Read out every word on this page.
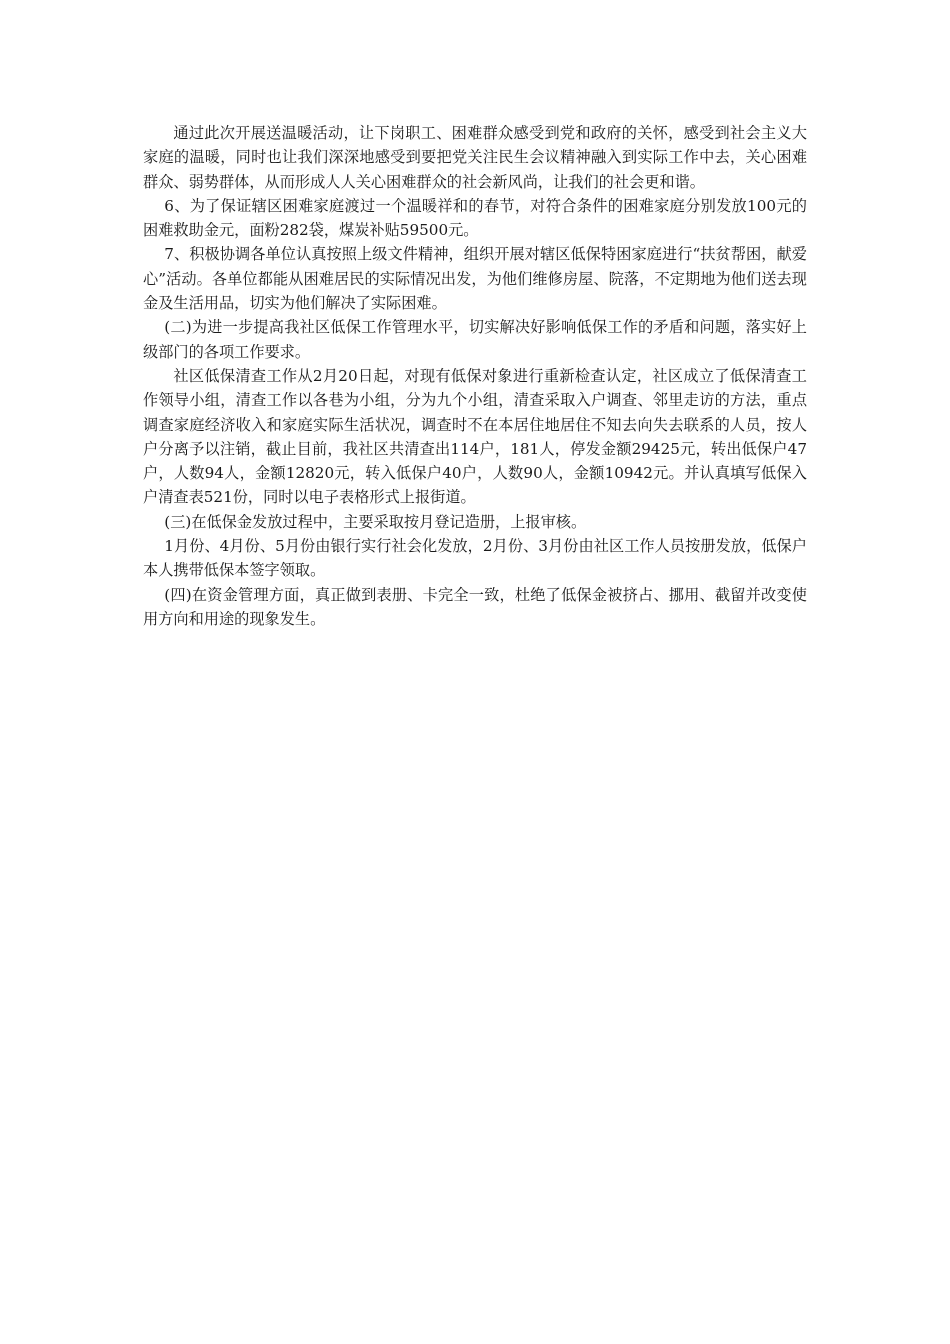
通过此次开展送温暖活动，让下岗职工、困难群众感受到党和政府的关怀，感受到社会主义大家庭的温暖，同时也让我们深深地感受到要把党关注民生会议精神融入到实际工作中去，关心困难群众、弱势群体，从而形成人人关心困难群众的社会新风尚，让我们的社会更和谐。

6、为了保证辖区困难家庭渡过一个温暖祥和的春节，对符合条件的困难家庭分别发放100元的困难救助金元，面粉282袋，煤炭补贴59500元。

7、积极协调各单位认真按照上级文件精神，组织开展对辖区低保特困家庭进行“扶贫帮困，献爱心”活动。各单位都能从困难居民的实际情况出发，为他们维修房屋、院落，不定期地为他们送去现金及生活用品，切实为他们解决了实际困难。

(二)为进一步提高我社区低保工作管理水平，切实解决好影响低保工作的矛盾和问题，落实好上级部门的各项工作要求。

社区低保清查工作从2月20日起，对现有低保对象进行重新检查认定，社区成立了低保清查工作领导小组，清查工作以各巷为小组，分为九个小组，清查采取入户调查、邻里走访的方法，重点调查家庭经济收入和家庭实际生活状况，调查时不在本居住地居住不知去向失去联系的人员，按人户分离予以注销，截止目前，我社区共清查出114户，181人，停发金额29425元，转出低保户47户，人数94人，金额12820元，转入低保户40户，人数90人，金额10942元。并认真填写低保入户清查表521份，同时以电子表格形式上报街道。

(三)在低保金发放过程中，主要采取按月登记造册，上报审核。

1月份、4月份、5月份由银行实行社会化发放，2月份、3月份由社区工作人员按册发放，低保户本人携带低保本签字领取。

(四)在资金管理方面，真正做到表册、卡完全一致，杜绝了低保金被挤占、挪用、截留并改变使用方向和用途的现象发生。
